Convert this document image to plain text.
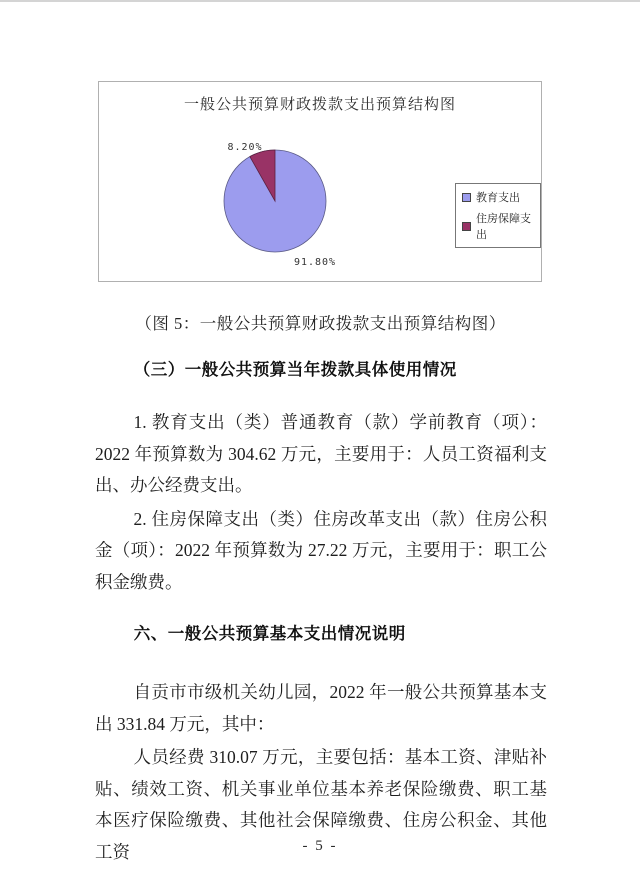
一般公共预算财政拨款支出预算结构图
8.20%
91.80%
教育支出
住房保障支出
（图 5：一般公共预算财政拨款支出预算结构图）
（三）一般公共预算当年拨款具体使用情况

1. 教育支出（类）普通教育（款）学前教育（项）：2022 年预算数为 304.62 万元，主要用于：人员工资福利支出、办公经费支出。

2. 住房保障支出（类）住房改革支出（款）住房公积金（项）：2022 年预算数为 27.22 万元，主要用于：职工公积金缴费。

六、一般公共预算基本支出情况说明

自贡市市级机关幼儿园，2022 年一般公共预算基本支出 331.84 万元，其中：

人员经费 310.07 万元，主要包括：基本工资、津贴补贴、绩效工资、机关事业单位基本养老保险缴费、职工基本医疗保险缴费、其他社会保障缴费、住房公积金、其他工资	- 5 -
